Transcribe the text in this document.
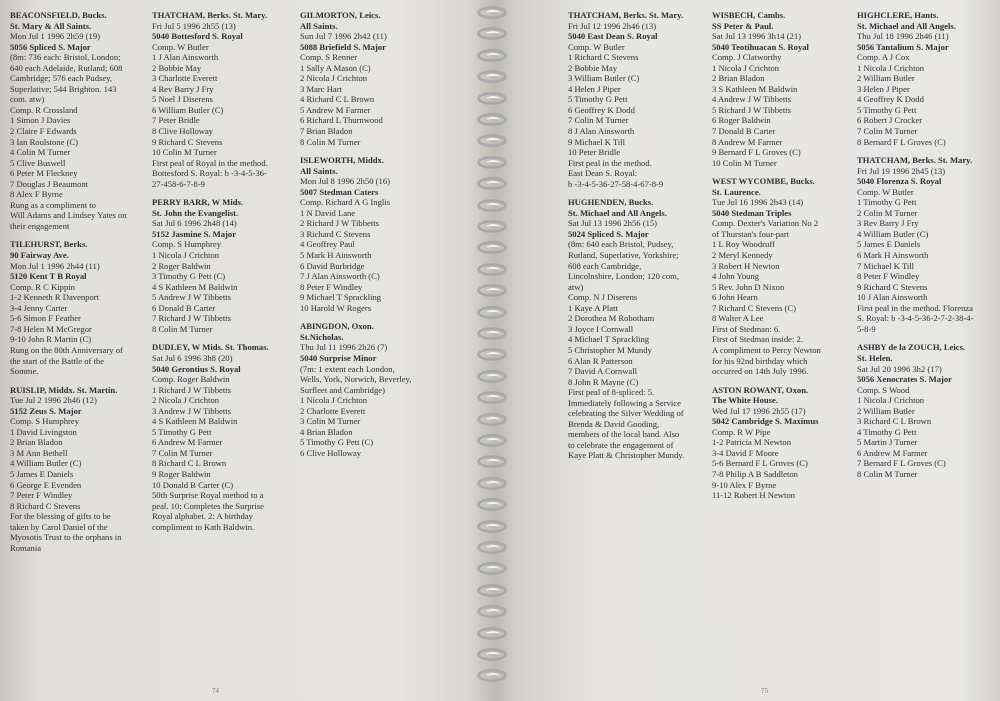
BEACONSFIELD, Bucks.
St. Mary & All Saints.
Mon Jul 1 1996 2h59 (19)
5056 Spliced S. Major
(8m: 736 each: Bristol, London;
640 each Adelaide, Rutland; 608
Cambridge; 576 each Pudsey,
Superlative; 544 Brighton. 143
com. atw)
Comp. R Crossland
1 Simon J Davies
2 Claire F Edwards
3 Ian Roulstone (C)
4 Colin M Turner
5 Clive Buswell
6 Peter M Fleckney
7 Douglas J Beaumont
8 Alex F Byrne
Rung as a compliment to
Will Adams and Lindsey Yates on
their engagement
TILEHURST, Berks.
90 Fairway Ave.
Mon Jul 1 1996 2h44 (11)
5120 Kent T B Royal
Comp. R C Kippin
1-2 Kenneth R Davenport
3-4 Jenny Carter
5-6 Simon F Feather
7-8 Helen M McGregor
9-10 John R Martin (C)
Rung on the 80th Anniversary of
the start of the Battle of the
Somme.
RUISLIP, Middx. St. Martin.
Tue Jul 2 1996 2h46 (12)
5152 Zeus S. Major
Comp. S Humphrey
1 David Livingston
2 Brian Bladon
3 M Ann Bethell
4 William Butler (C)
5 James E Daniels
6 George E Evenden
7 Peter F Windley
8 Richard C Stevens
For the blessing of gifts to be
taken by Carol Daniel of the
Myosotis Trust to the orphans in
Romania
THATCHAM, Berks. St. Mary.
Fri Jul 5 1996 2h55 (13)
5040 Bottesford S. Royal
Comp. W Butler
1 J Alan Ainsworth
2 Bobbie May
3 Charlotte Everett
4 Rev Barry J Fry
5 Noel J Diserens
6 William Butler (C)
7 Peter Bridle
8 Clive Holloway
9 Richard C Stevens
10 Colin M Turner
First peal of Royal in the method.
Bottesford S. Royal: b -3-4-5-36-
27-458-6-7-8-9
PERRY BARR, W Mids.
St. John the Evangelist.
Sat Jul 6 1996 2h48 (14)
5152 Jasmine S. Major
Comp. S Humphrey
1 Nicola J Crichton
2 Roger Baldwin
3 Timothy G Pett (C)
4 S Kathleen M Baldwin
5 Andrew J W Tibbetts
6 Donald B Carter
7 Richard J W Tibbetts
8 Colin M Turner
DUDLEY, W Mids. St. Thomas.
Sat Jul 6 1996 3h8 (20)
5040 Gerontius S. Royal
Comp. Roger Baldwin
1 Richard J W Tibbetts
2 Nicola J Crichton
3 Andrew J W Tibbetts
4 S Kathleen M Baldwin
5 Timothy G Pett
6 Andrew M Farmer
7 Colin M Turner
8 Richard C L Brown
9 Roger Baldwin
10 Donald B Carter (C)
50th Surprise Royal method to a
peal. 10: Completes the Surprise
Royal alphabet. 2: A birthday
compliment to Kath Baldwin.
GILMORTON, Leics.
All Saints.
Sun Jul 7 1996 2h42 (11)
5088 Briefield S. Major
Comp. S Renner
1 Sally A Mason (C)
2 Nicola J Crichton
3 Marc Hart
4 Richard C L Brown
5 Andrew M Farmer
6 Richard L Thurnwood
7 Brian Bladon
8 Colin M Turner
ISLEWORTH, Middx.
All Saints.
Mon Jul 8 1996 2h50 (16)
5007 Stedman Caters
Comp. Richard A G Inglis
1 N David Lane
2 Richard J W Tibbetts
3 Richard C Stevens
4 Geoffrey Paul
5 Mark H Ainsworth
6 David Burbridge
7 J Alan Ainsworth (C)
8 Peter F Windley
9 Michael T Sprackling
10 Harold W Rogers
ABINGDON, Oxon.
St.Nicholas.
Thu Jul 11 1996 2h26 (7)
5040 Surprise Minor
(7m: 1 extent each London,
Wells, York, Norwich, Beverley,
Surfleet and Cambridge)
1 Nicola J Crichton
2 Charlotte Everett
3 Colin M Turner
4 Brian Bladon
5 Timothy G Pett (C)
6 Clive Holloway
74
THATCHAM, Berks. St. Mary.
Fri Jul 12 1996 2h46 (13)
5040 East Dean S. Royal
Comp. W Butler
1 Richard C Stevens
2 Bobbie May
3 William Butler (C)
4 Helen J Piper
5 Timothy G Pett
6 Geoffrey K Dodd
7 Colin M Turner
8 J Alan Ainsworth
9 Michael K Till
10 Peter Bridle
First peal in the method.
East Dean S. Royal:
b -3-4-5-36-27-58-4-67-8-9
HUGHENDEN, Bucks.
St. Michael and All Angels.
Sat Jul 13 1996 2h56 (15)
5024 Spliced S. Major
(8m: 640 each Bristol, Pudsey,
Rutland, Superlative, Yorkshire;
608 each Cambridge,
Lincolnshire, London; 120 com,
atw)
Comp. N J Diserens
1 Kaye A Platt
2 Dorothea M Robotham
3 Joyce I Cornwall
4 Michael T Sprackling
5 Christopher M Mundy
6 Alan R Patterson
7 David A Cornwall
8 John R Mayne (C)
First peal of 8-spliced: 5.
Immediately following a Service
celebrating the Silver Wedding of
Brenda & David Gooding,
members of the local band. Also
to celebrate the engagement of
Kaye Platt & Christopher Mundy.
WISBECH, Cambs.
SS Peter & Paul.
Sat Jul 13 1996 3h14 (21)
5040 Teotihuacan S. Royal
Comp. J Clatworthy
1 Nicola J Crichton
2 Brian Bladon
3 S Kathleen M Baldwin
4 Andrew J W Tibbetts
5 Richard J W Tibbetts
6 Roger Baldwin
7 Donald B Carter
8 Andrew M Farmer
9 Bernard F L Groves (C)
10 Colin M Turner
WEST WYCOMBE, Bucks.
St. Laurence.
Tue Jul 16 1996 2h43 (14)
5040 Stedman Triples
Comp. Dexter's Variation No 2
of Thurstan's four-part
1 L Roy Woodruff
2 Meryl Kennedy
3 Robert H Newton
4 John Young
5 Rev. John D Nixon
6 John Hearn
7 Richard C Stevens (C)
8 Walter A Lee
First of Stedman: 6.
First of Stedman inside: 2.
A compliment to Percy Newton
for his 92nd birthday which
occurred on 14th July 1996.
ASTON ROWANT, Oxon.
The White House.
Wed Jul 17 1996 2h55 (17)
5042 Cambridge S. Maximus
Comp. R W Pipe
1-2 Patricia M Newton
3-4 David F Moore
5-6 Bernard F L Groves (C)
7-8 Philip A B Saddleton
9-10 Alex F Byrne
11-12 Robert H Newton
HIGHCLERE, Hants.
St. Michael and All Angels.
Thu Jul 18 1996 2h46 (11)
5056 Tantalium S. Major
Comp. A J Cox
1 Nicola J Crichton
2 William Butler
3 Helen J Piper
4 Geoffrey K Dodd
5 Timothy G Pett
6 Robert J Crocker
7 Colin M Turner
8 Bernard F L Groves (C)
THATCHAM, Berks. St. Mary.
Fri Jul 19 1996 2h45 (13)
5040 Florenza S. Royal
Comp. W Butler
1 Timothy G Pett
2 Colin M Turner
3 Rev Barry J Fry
4 William Butler (C)
5 James E Daniels
6 Mark H Ainsworth
7 Michael K Till
8 Peter F Windley
9 Richard C Stevens
10 J Alan Ainsworth
First peal in the method. Florenza
S. Royal: b -3-4-5-36-2-7-2-38-4-
5-8-9
ASHBY de la ZOUCH, Leics.
St. Helen.
Sat Jul 20 1996 3h2 (17)
5056 Xenocrates S. Major
Comp. S Wood
1 Nicola J Crichton
2 William Butler
3 Richard C L Brown
4 Timothy G Pett
5 Martin J Turner
6 Andrew M Farmer
7 Bernard F L Groves (C)
8 Colin M Turner
75
